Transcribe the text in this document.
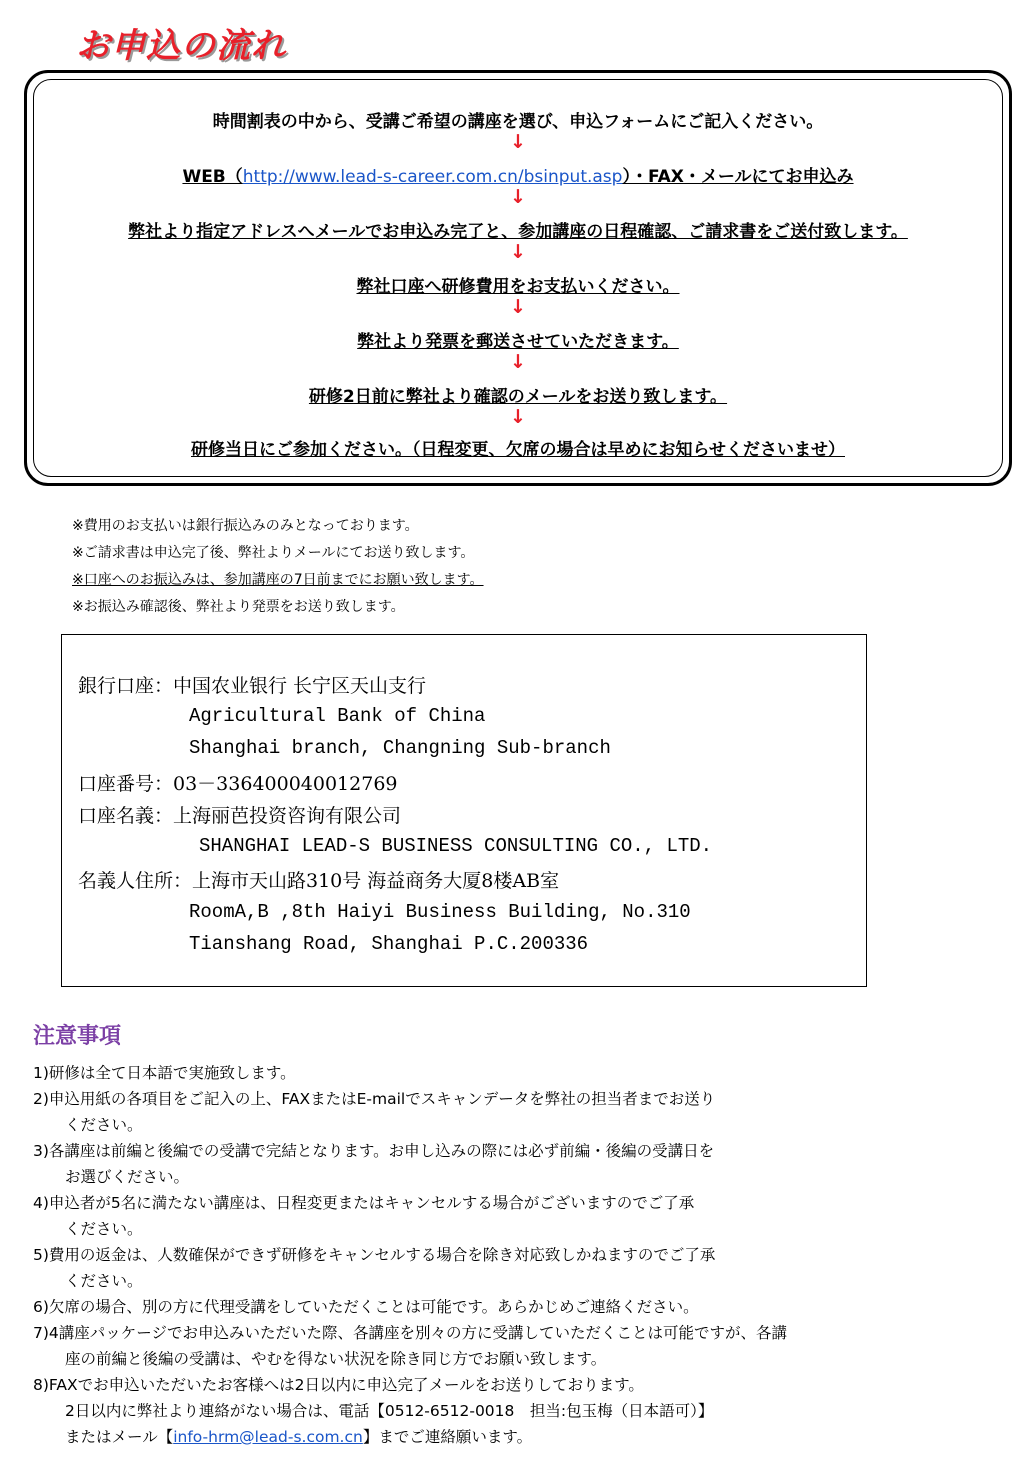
お申込の流れ
時間割表の中から、受講ご希望の講座を選び、申込フォームにご記入ください。
↓
WEB（http://www.lead-s-career.com.cn/bsinput.asp）・FAX・メールにてお申込み
↓
弊社より指定アドレスへメールでお申込み完了と、参加講座の日程確認、ご請求書をご送付致します。
↓
弊社口座へ研修費用をお支払いください。
↓
弊社より発票を郵送させていただきます。
↓
研修2日前に弊社より確認のメールをお送り致します。
↓
研修当日にご参加ください。（日程変更、欠席の場合は早めにお知らせくださいませ）
※費用のお支払いは銀行振込みのみとなっております。
※ご請求書は申込完了後、弊社よりメールにてお送り致します。
※口座へのお振込みは、参加講座の7日前までにお願い致します。
※お振込み確認後、弊社より発票をお送り致します。
銀行口座：中国农业银行 长宁区天山支行
Agricultural Bank of China
Shanghai branch, Changning Sub-branch
口座番号：03－336400040012769
口座名義：上海丽芭投资咨询有限公司
SHANGHAI LEAD-S BUSINESS CONSULTING CO., LTD.
名義人住所：上海市天山路310号 海益商务大厦8楼AB室
RoomA,B ,8th Haiyi Business Building, No.310
Tianshang Road, Shanghai P.C.200336
注意事項
1)研修は全て日本語で実施致します。
2)申込用紙の各項目をご記入の上、FAXまたはE-mailでスキャンデータを弊社の担当者までお送り
ください。
3)各講座は前編と後編での受講で完結となります。お申し込みの際には必ず前編・後編の受講日を
お選びください。
4)申込者が5名に満たない講座は、日程変更またはキャンセルする場合がございますのでご了承
ください。
5)費用の返金は、人数確保ができず研修をキャンセルする場合を除き対応致しかねますのでご了承
ください。
6)欠席の場合、別の方に代理受講をしていただくことは可能です。あらかじめご連絡ください。
7)4講座パッケージでお申込みいただいた際、各講座を別々の方に受講していただくことは可能ですが、各講
座の前編と後編の受講は、やむを得ない状況を除き同じ方でお願い致します。
8)FAXでお申込いただいたお客様へは2日以内に申込完了メールをお送りしております。
2日以内に弊社より連絡がない場合は、電話【0512-6512-0018　担当:包玉梅（日本語可）】
またはメール【info-hrm@lead-s.com.cn】までご連絡願います。
